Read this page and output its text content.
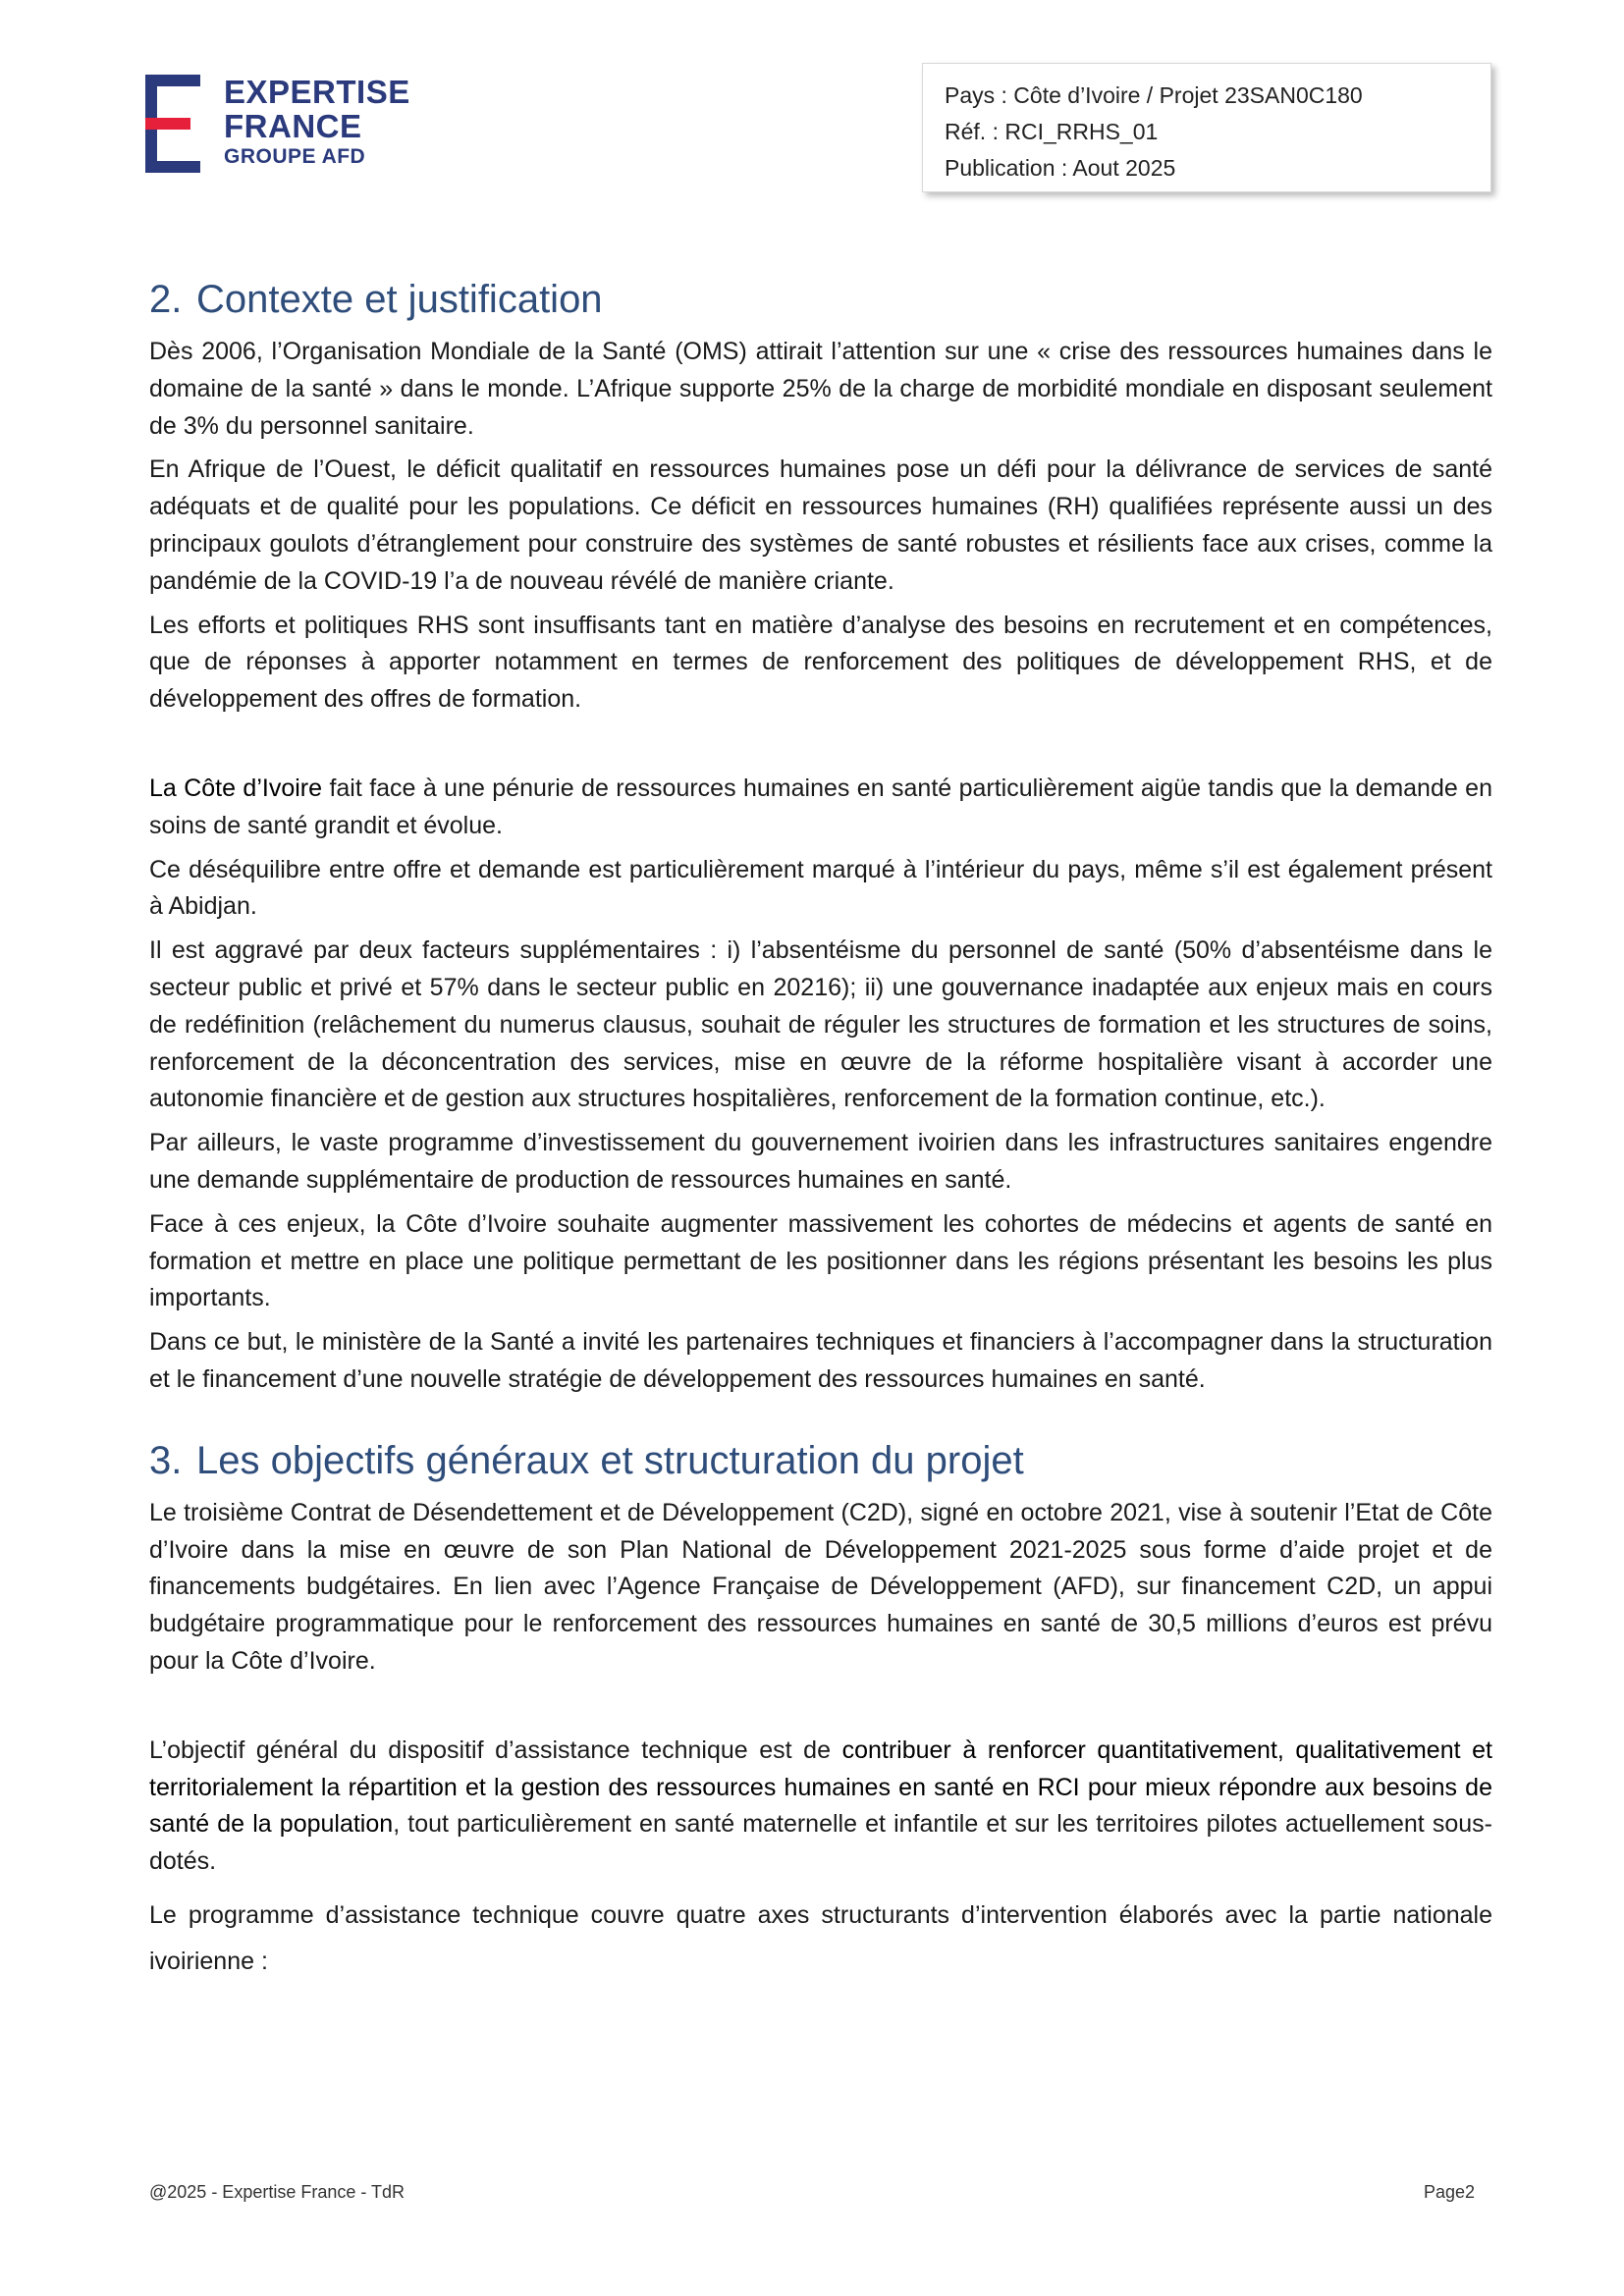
EXPERTISE
FRANCE
GROUPE AFD
Pays : Côte d’Ivoire / Projet 23SAN0C180
Réf. : RCI_RRHS_01
Publication : Aout 2025
2. Contexte et justification

Dès 2006, l’Organisation Mondiale de la Santé (OMS) attirait l’attention sur une « crise des ressources humaines dans le domaine de la santé » dans le monde. L’Afrique supporte 25% de la charge de morbidité mondiale en disposant seulement de 3% du personnel sanitaire.

En Afrique de l’Ouest, le déficit qualitatif en ressources humaines pose un défi pour la délivrance de services de santé adéquats et de qualité pour les populations. Ce déficit en ressources humaines (RH) qualifiées représente aussi un des principaux goulots d’étranglement pour construire des systèmes de santé robustes et résilients face aux crises, comme la pandémie de la COVID-19 l’a de nouveau révélé de manière criante.

Les efforts et politiques RHS sont insuffisants tant en matière d’analyse des besoins en recrutement et en compétences, que de réponses à apporter notamment en termes de renforcement des politiques de développement RHS, et de développement des offres de formation.

La Côte d’Ivoire fait face à une pénurie de ressources humaines en santé particulièrement aigüe tandis que la demande en soins de santé grandit et évolue.

Ce déséquilibre entre offre et demande est particulièrement marqué à l’intérieur du pays, même s’il est également présent à Abidjan.

Il est aggravé par deux facteurs supplémentaires : i) l’absentéisme du personnel de santé (50% d’absentéisme dans le secteur public et privé et 57% dans le secteur public en 20216); ii) une gouvernance inadaptée aux enjeux mais en cours de redéfinition (relâchement du numerus clausus, souhait de réguler les structures de formation et les structures de soins, renforcement de la déconcentration des services, mise en œuvre de la réforme hospitalière visant à accorder une autonomie financière et de gestion aux structures hospitalières, renforcement de la formation continue, etc.).

Par ailleurs, le vaste programme d’investissement du gouvernement ivoirien dans les infrastructures sanitaires engendre une demande supplémentaire de production de ressources humaines en santé.

Face à ces enjeux, la Côte d’Ivoire souhaite augmenter massivement les cohortes de médecins et agents de santé en formation et mettre en place une politique permettant de les positionner dans les régions présentant les besoins les plus importants.

Dans ce but, le ministère de la Santé a invité les partenaires techniques et financiers à l’accompagner dans la structuration et le financement d’une nouvelle stratégie de développement des ressources humaines en santé.

3. Les objectifs généraux et structuration du projet

Le troisième Contrat de Désendettement et de Développement (C2D), signé en octobre 2021, vise à soutenir l’Etat de Côte d’Ivoire dans la mise en œuvre de son Plan National de Développement 2021-2025 sous forme d’aide projet et de financements budgétaires. En lien avec l’Agence Française de Développement (AFD), sur financement C2D, un appui budgétaire programmatique pour le renforcement des ressources humaines en santé de 30,5 millions d’euros est prévu pour la Côte d’Ivoire.

L’objectif général du dispositif d’assistance technique est de contribuer à renforcer quantitativement, qualitativement et territorialement la répartition et la gestion des ressources humaines en santé en RCI pour mieux répondre aux besoins de santé de la population, tout particulièrement en santé maternelle et infantile et sur les territoires pilotes actuellement sous-dotés.

Le programme d’assistance technique couvre quatre axes structurants d’intervention élaborés avec la partie nationale ivoirienne :

@2025 - Expertise France - TdR	Page2
